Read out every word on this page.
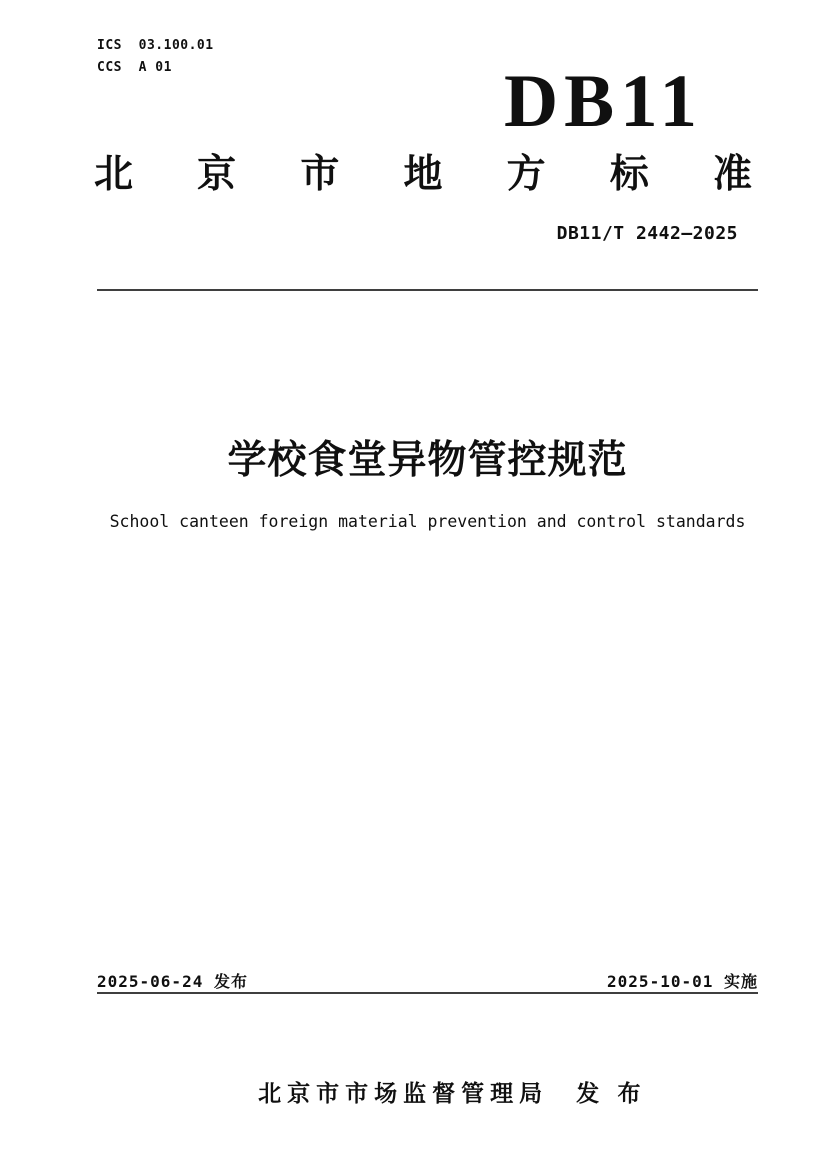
ICS  03.100.01
CCS  A 01	DB11
北京市地方标准
DB11/T 2442—2025
学校食堂异物管控规范
School canteen foreign material prevention and control standards
2025-06-24 发布	2025-10-01 实施

北京市市场监督管理局 发 布
